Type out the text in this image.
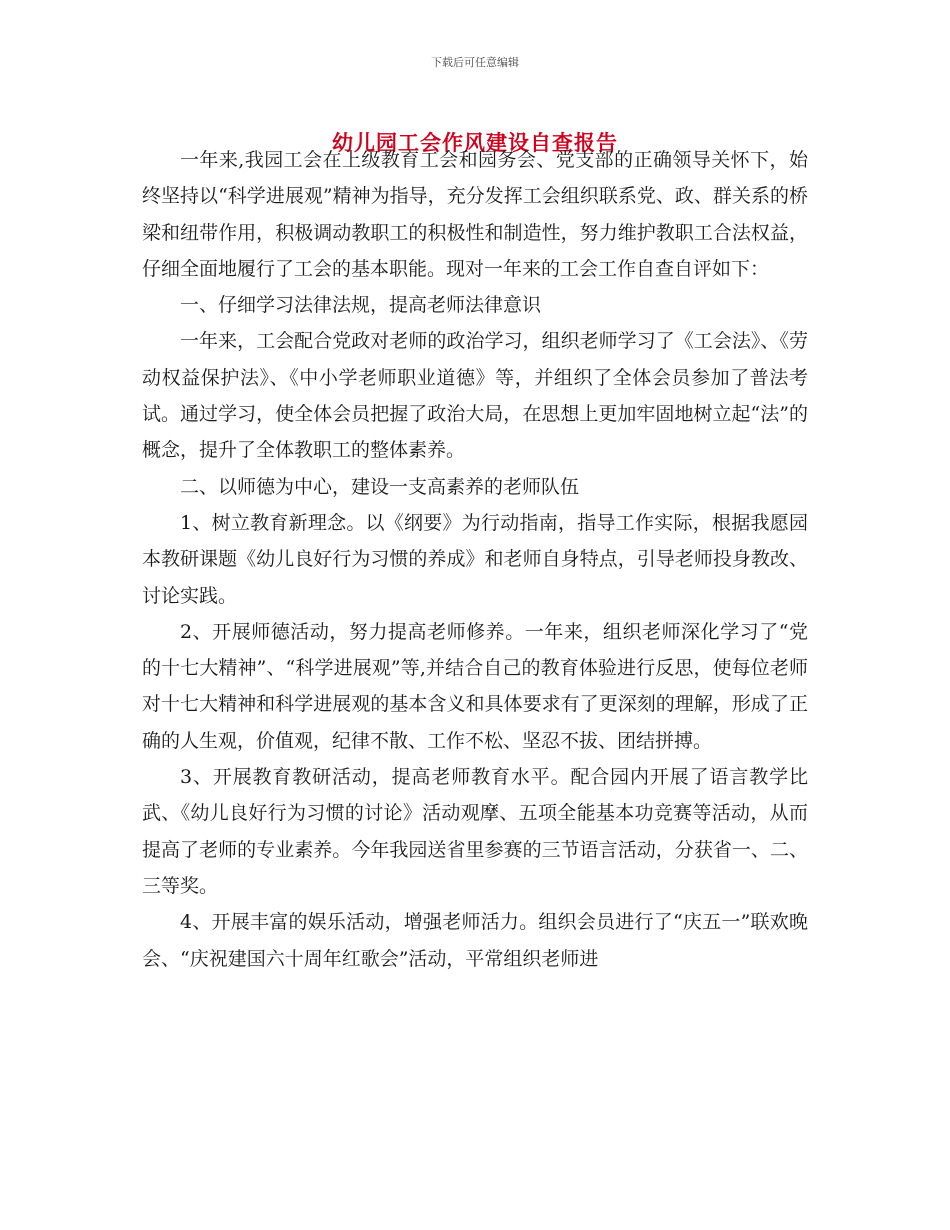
下载后可任意编辑
幼儿园工会作风建设自查报告

一年来,我园工会在上级教育工会和园务会、党支部的正确领导关怀下，始终坚持以“科学进展观”精神为指导，充分发挥工会组织联系党、政、群关系的桥梁和纽带作用，积极调动教职工的积极性和制造性，努力维护教职工合法权益，仔细全面地履行了工会的基本职能。现对一年来的工会工作自查自评如下：

一、仔细学习法律法规，提高老师法律意识

一年来，工会配合党政对老师的政治学习，组织老师学习了《工会法》、《劳动权益保护法》、《中小学老师职业道德》等，并组织了全体会员参加了普法考试。通过学习，使全体会员把握了政治大局，在思想上更加牢固地树立起“法”的概念，提升了全体教职工的整体素养。

二、以师德为中心，建设一支高素养的老师队伍

1、树立教育新理念。以《纲要》为行动指南，指导工作实际，根据我愿园本教研课题《幼儿良好行为习惯的养成》和老师自身特点，引导老师投身教改、讨论实践。

2、开展师德活动，努力提高老师修养。一年来，组织老师深化学习了“党的十七大精神”、“科学进展观”等,并结合自己的教育体验进行反思，使每位老师对十七大精神和科学进展观的基本含义和具体要求有了更深刻的理解，形成了正确的人生观，价值观，纪律不散、工作不松、坚忍不拔、团结拼搏。

3、开展教育教研活动，提高老师教育水平。配合园内开展了语言教学比武、《幼儿良好行为习惯的讨论》活动观摩、五项全能基本功竞赛等活动，从而提高了老师的专业素养。今年我园送省里参赛的三节语言活动，分获省一、二、三等奖。

4、开展丰富的娱乐活动，增强老师活力。组织会员进行了“庆五一”联欢晚会、“庆祝建国六十周年红歌会”活动，平常组织老师进
